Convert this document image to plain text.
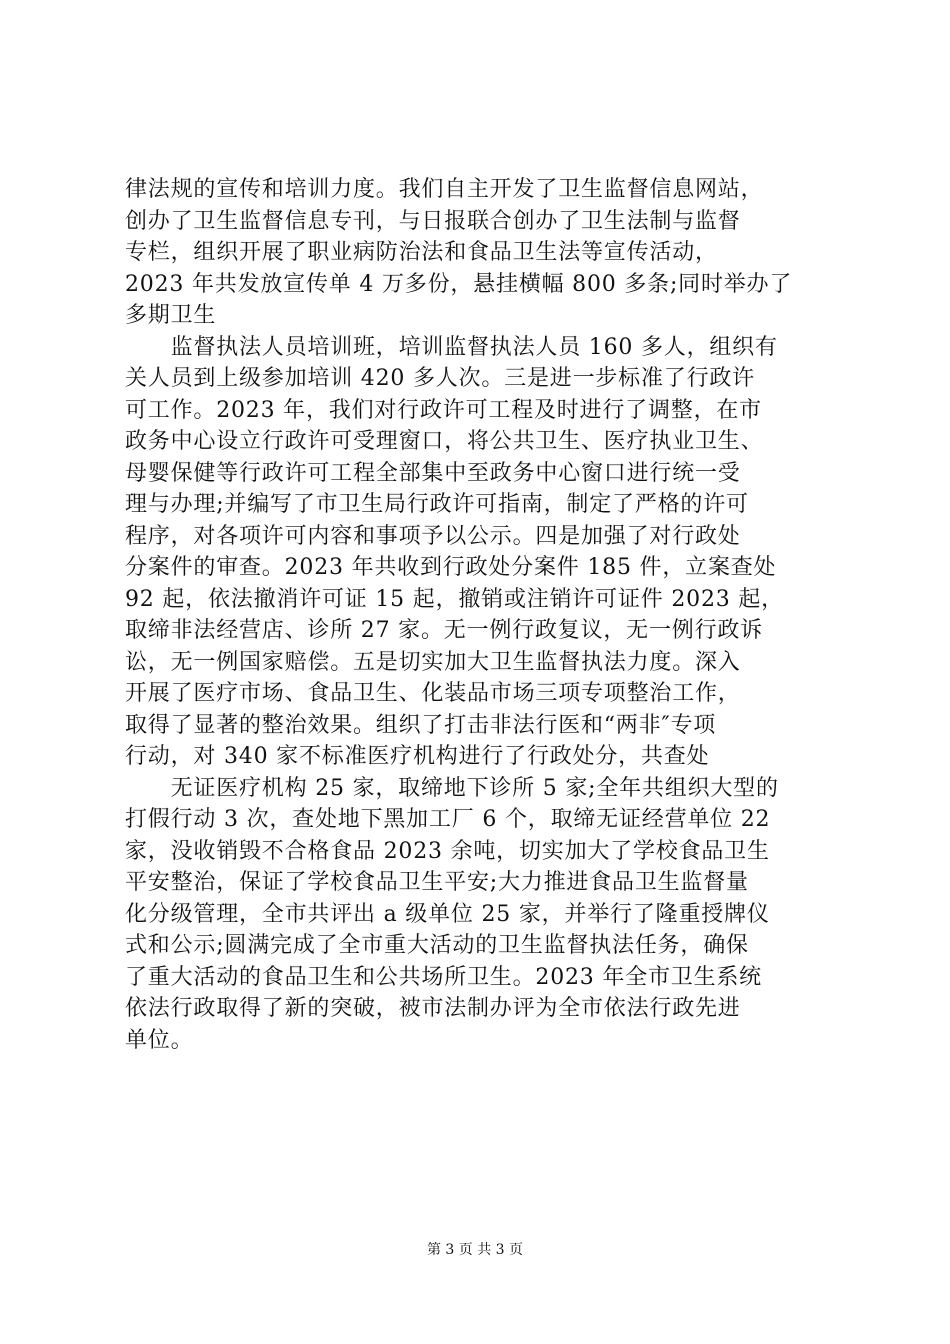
律法规的宣传和培训力度。我们自主开发了卫生监督信息网站，
创办了卫生监督信息专刊，与日报联合创办了卫生法制与监督
专栏，组织开展了职业病防治法和食品卫生法等宣传活动，
2023 年共发放宣传单 4 万多份，悬挂横幅 800 多条;同时举办了
多期卫生
　　监督执法人员培训班，培训监督执法人员 160 多人，组织有
关人员到上级参加培训 420 多人次。三是进一步标准了行政许
可工作。2023 年，我们对行政许可工程及时进行了调整，在市
政务中心设立行政许可受理窗口，将公共卫生、医疗执业卫生、
母婴保健等行政许可工程全部集中至政务中心窗口进行统一受
理与办理;并编写了市卫生局行政许可指南，制定了严格的许可
程序，对各项许可内容和事项予以公示。四是加强了对行政处
分案件的审查。2023 年共收到行政处分案件 185 件，立案查处
92 起，依法撤消许可证 15 起，撤销或注销许可证件 2023 起，
取缔非法经营店、诊所 27 家。无一例行政复议，无一例行政诉
讼，无一例国家赔偿。五是切实加大卫生监督执法力度。深入
开展了医疗市场、食品卫生、化装品市场三项专项整治工作，
取得了显著的整治效果。组织了打击非法行医和“两非″专项
行动，对 340 家不标准医疗机构进行了行政处分，共查处
　　无证医疗机构 25 家，取缔地下诊所 5 家;全年共组织大型的
打假行动 3 次，查处地下黑加工厂 6 个，取缔无证经营单位 22
家，没收销毁不合格食品 2023 余吨，切实加大了学校食品卫生
平安整治，保证了学校食品卫生平安;大力推进食品卫生监督量
化分级管理，全市共评出 a 级单位 25 家，并举行了隆重授牌仪
式和公示;圆满完成了全市重大活动的卫生监督执法任务，确保
了重大活动的食品卫生和公共场所卫生。2023 年全市卫生系统
依法行政取得了新的突破，被市法制办评为全市依法行政先进
单位。
第 3 页 共 3 页
